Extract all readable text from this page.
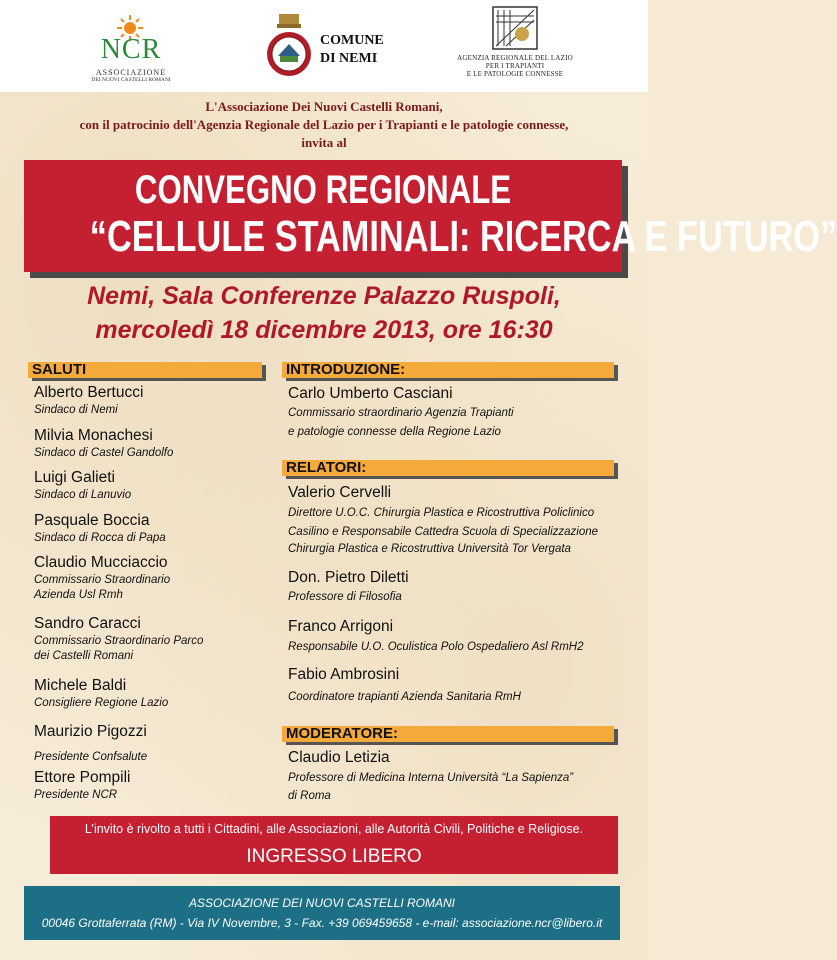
NCR
ASSOCIAZIONE
DEI NUOVI CASTELLI ROMANI
COMUNE
DI NEMI	AGENZIA REGIONALE DEL LAZIO
PER I TRAPIANTI
E LE PATOLOGIE CONNESSE
L'Associazione Dei Nuovi Castelli Romani,
con il patrocinio dell'Agenzia Regionale del Lazio per i Trapianti e le patologie connesse,
invita al
CONVEGNO REGIONALE
“CELLULE STAMINALI: RICERCA E FUTURO”
Nemi, Sala Conferenze Palazzo Ruspoli,
mercoledì 18 dicembre 2013, ore 16:30
SALUTI
Alberto Bertucci
Sindaco di Nemi
Milvia Monachesi
Sindaco di Castel Gandolfo
Luigi Galieti
Sindaco di Lanuvio
Pasquale Boccia
Sindaco di Rocca di Papa
Claudio Mucciaccio
Commissario Straordinario
Azienda Usl Rmh
Sandro Caracci
Commissario Straordinario Parco
dei Castelli Romani
Michele Baldi
Consigliere Regione Lazio
Maurizio Pigozzi
Presidente Confsalute
Ettore Pompili
Presidente NCR
INTRODUZIONE:
Carlo Umberto Casciani
Commissario straordinario Agenzia Trapianti
e patologie connesse della Regione Lazio
RELATORI:
Valerio Cervelli
Direttore U.O.C. Chirurgia Plastica e Ricostruttiva Policlinico
Casilino e Responsabile Cattedra Scuola di Specializzazione
Chirurgia Plastica e Ricostruttiva Università Tor Vergata
Don. Pietro Diletti
Professore di Filosofia
Franco Arrigoni
Responsabile U.O. Oculistica Polo Ospedaliero Asl RmH2
Fabio Ambrosini
Coordinatore trapianti Azienda Sanitaria RmH
MODERATORE:
Claudio Letizia
Professore di Medicina Interna Università “La Sapienza”
di Roma
L’invito è rivolto a tutti i Cittadini, alle Associazioni, alle Autorità Civili, Politiche e Religiose.
INGRESSO LIBERO
ASSOCIAZIONE DEI NUOVI CASTELLI ROMANI
00046 Grottaferrata (RM) - Via IV Novembre, 3 - Fax. +39 069459658 - e-mail: associazione.ncr@libero.it
